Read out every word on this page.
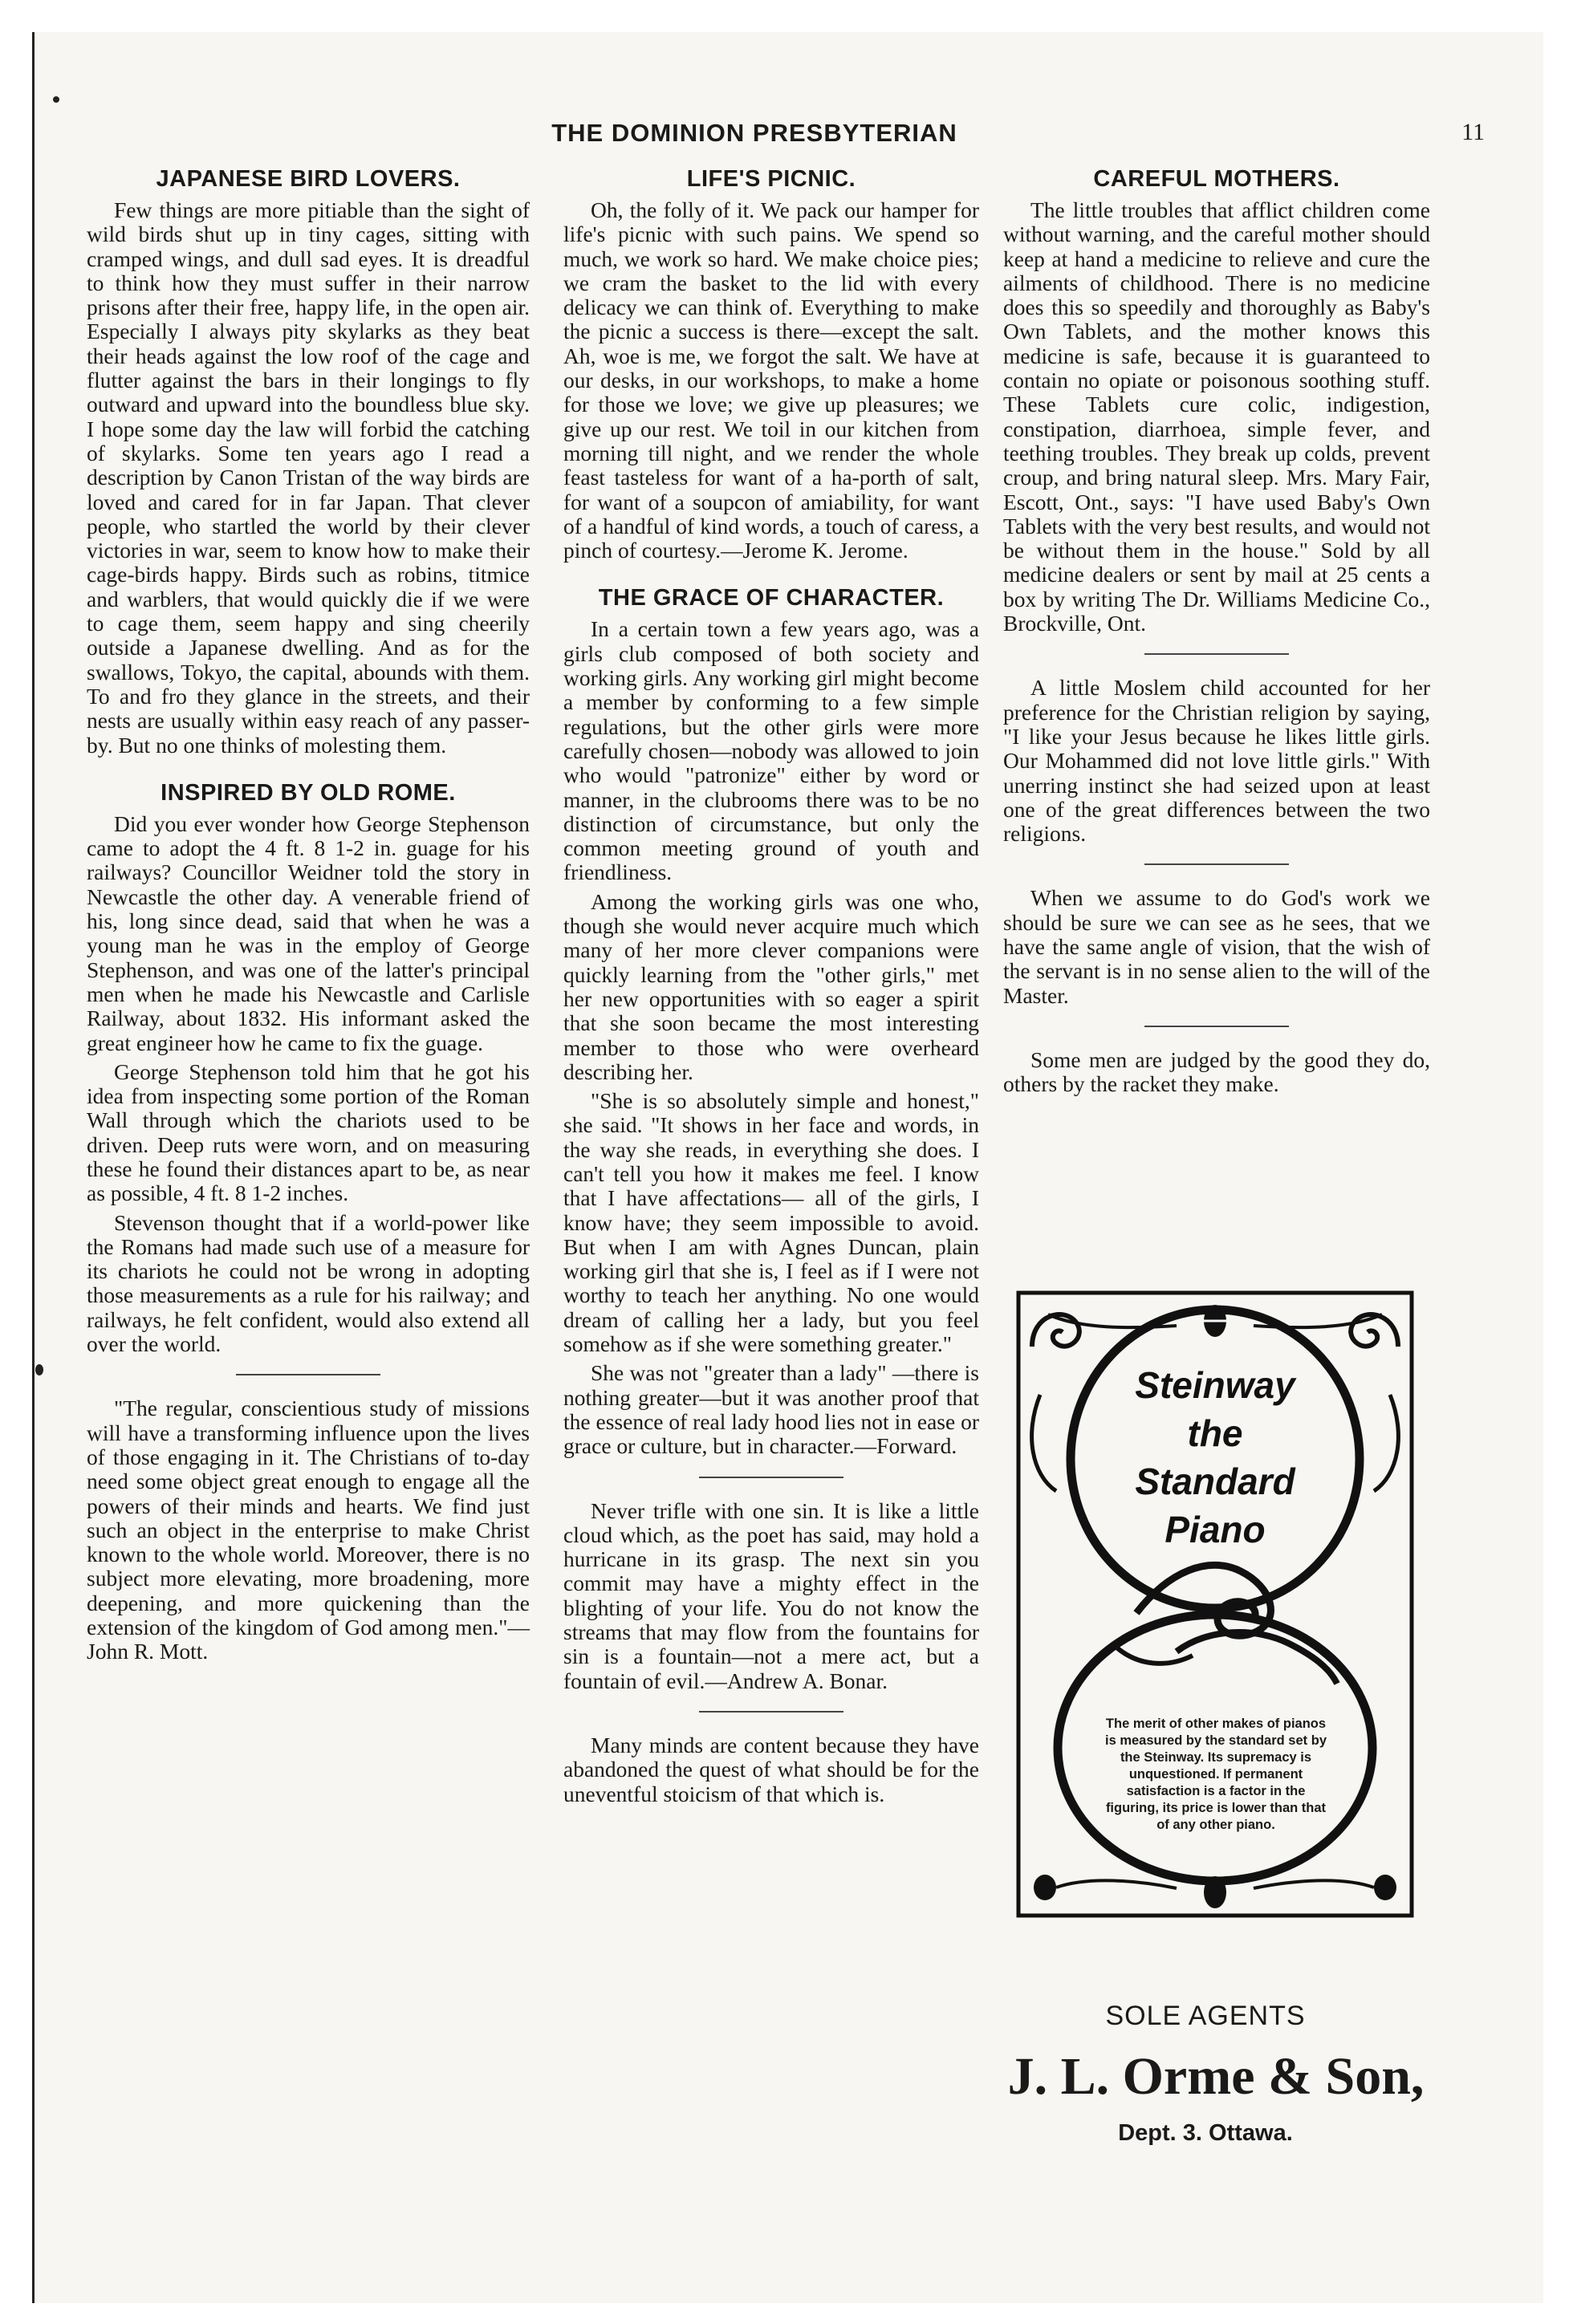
THE DOMINION PRESBYTERIAN	11
JAPANESE BIRD LOVERS.

Few things are more pitiable than the sight of wild birds shut up in tiny cages, sitting with cramped wings, and dull sad eyes. It is dreadful to think how they must suffer in their narrow prisons after their free, happy life, in the open air. Especially I always pity skylarks as they beat their heads against the low roof of the cage and flutter against the bars in their longings to fly outward and upward into the boundless blue sky. I hope some day the law will forbid the catching of skylarks. Some ten years ago I read a description by Canon Tristan of the way birds are loved and cared for in far Japan. That clever people, who startled the world by their clever victories in war, seem to know how to make their cage-birds happy. Birds such as robins, titmice and warblers, that would quickly die if we were to cage them, seem happy and sing cheerily outside a Japanese dwelling. And as for the swallows, Tokyo, the capital, abounds with them. To and fro they glance in the streets, and their nests are usually within easy reach of any passer-by. But no one thinks of molesting them.

INSPIRED BY OLD ROME.

Did you ever wonder how George Stephenson came to adopt the 4 ft. 8 1-2 in. guage for his railways? Councillor Weidner told the story in Newcastle the other day. A venerable friend of his, long since dead, said that when he was a young man he was in the employ of George Stephenson, and was one of the latter's principal men when he made his Newcastle and Carlisle Railway, about 1832. His informant asked the great engineer how he came to fix the guage.

George Stephenson told him that he got his idea from inspecting some portion of the Roman Wall through which the chariots used to be driven. Deep ruts were worn, and on measuring these he found their distances apart to be, as near as possible, 4 ft. 8 1-2 inches.

Stevenson thought that if a world-power like the Romans had made such use of a measure for its chariots he could not be wrong in adopting those measurements as a rule for his railway; and railways, he felt confident, would also extend all over the world.

"The regular, conscientious study of missions will have a transforming influence upon the lives of those engaging in it. The Christians of to-day need some object great enough to engage all the powers of their minds and hearts. We find just such an object in the enterprise to make Christ known to the whole world. Moreover, there is no subject more elevating, more broadening, more deepening, and more quickening than the extension of the kingdom of God among men."—John R. Mott.

LIFE'S PICNIC.

Oh, the folly of it. We pack our hamper for life's picnic with such pains. We spend so much, we work so hard. We make choice pies; we cram the basket to the lid with every delicacy we can think of. Everything to make the picnic a success is there—except the salt. Ah, woe is me, we forgot the salt. We have at our desks, in our workshops, to make a home for those we love; we give up pleasures; we give up our rest. We toil in our kitchen from morning till night, and we render the whole feast tasteless for want of a ha-porth of salt, for want of a soupcon of amiability, for want of a handful of kind words, a touch of caress, a pinch of courtesy.—Jerome K. Jerome.

THE GRACE OF CHARACTER.

In a certain town a few years ago, was a girls club composed of both society and working girls. Any working girl might become a member by conforming to a few simple regulations, but the other girls were more carefully chosen—nobody was allowed to join who would "patronize" either by word or manner, in the clubrooms there was to be no distinction of circumstance, but only the common meeting ground of youth and friendliness.

Among the working girls was one who, though she would never acquire much which many of her more clever companions were quickly learning from the "other girls," met her new opportunities with so eager a spirit that she soon became the most interesting member to those who were overheard describing her.

"She is so absolutely simple and honest," she said. "It shows in her face and words, in the way she reads, in everything she does. I can't tell you how it makes me feel. I know that I have affectations— all of the girls, I know have; they seem impossible to avoid. But when I am with Agnes Duncan, plain working girl that she is, I feel as if I were not worthy to teach her anything. No one would dream of calling her a lady, but you feel somehow as if she were something greater."

She was not "greater than a lady" —there is nothing greater—but it was another proof that the essence of real lady hood lies not in ease or grace or culture, but in character.—Forward.

Never trifle with one sin. It is like a little cloud which, as the poet has said, may hold a hurricane in its grasp. The next sin you commit may have a mighty effect in the blighting of your life. You do not know the streams that may flow from the fountains for sin is a fountain—not a mere act, but a fountain of evil.—Andrew A. Bonar.

Many minds are content because they have abandoned the quest of what should be for the uneventful stoicism of that which is.

CAREFUL MOTHERS.

The little troubles that afflict children come without warning, and the careful mother should keep at hand a medicine to relieve and cure the ailments of childhood. There is no medicine does this so speedily and thoroughly as Baby's Own Tablets, and the mother knows this medicine is safe, because it is guaranteed to contain no opiate or poisonous soothing stuff. These Tablets cure colic, indigestion, constipation, diarrhoea, simple fever, and teething troubles. They break up colds, prevent croup, and bring natural sleep. Mrs. Mary Fair, Escott, Ont., says: "I have used Baby's Own Tablets with the very best results, and would not be without them in the house." Sold by all medicine dealers or sent by mail at 25 cents a box by writing The Dr. Williams Medicine Co., Brockville, Ont.

A little Moslem child accounted for her preference for the Christian religion by saying, "I like your Jesus because he likes little girls. Our Mohammed did not love little girls." With unerring instinct she had seized upon at least one of the great differences between the two religions.

When we assume to do God's work we should be sure we can see as he sees, that we have the same angle of vision, that the wish of the servant is in no sense alien to the will of the Master.

Some men are judged by the good they do, others by the racket they make.

Steinway
the
Standard
Piano
The merit of other makes of pianos is measured by the standard set by the Steinway. Its supremacy is unquestioned. If permanent satisfaction is a factor in the figuring, its price is lower than that of any other piano.
SOLE AGENTS
J. L. Orme & Son,
Dept. 3. Ottawa.
